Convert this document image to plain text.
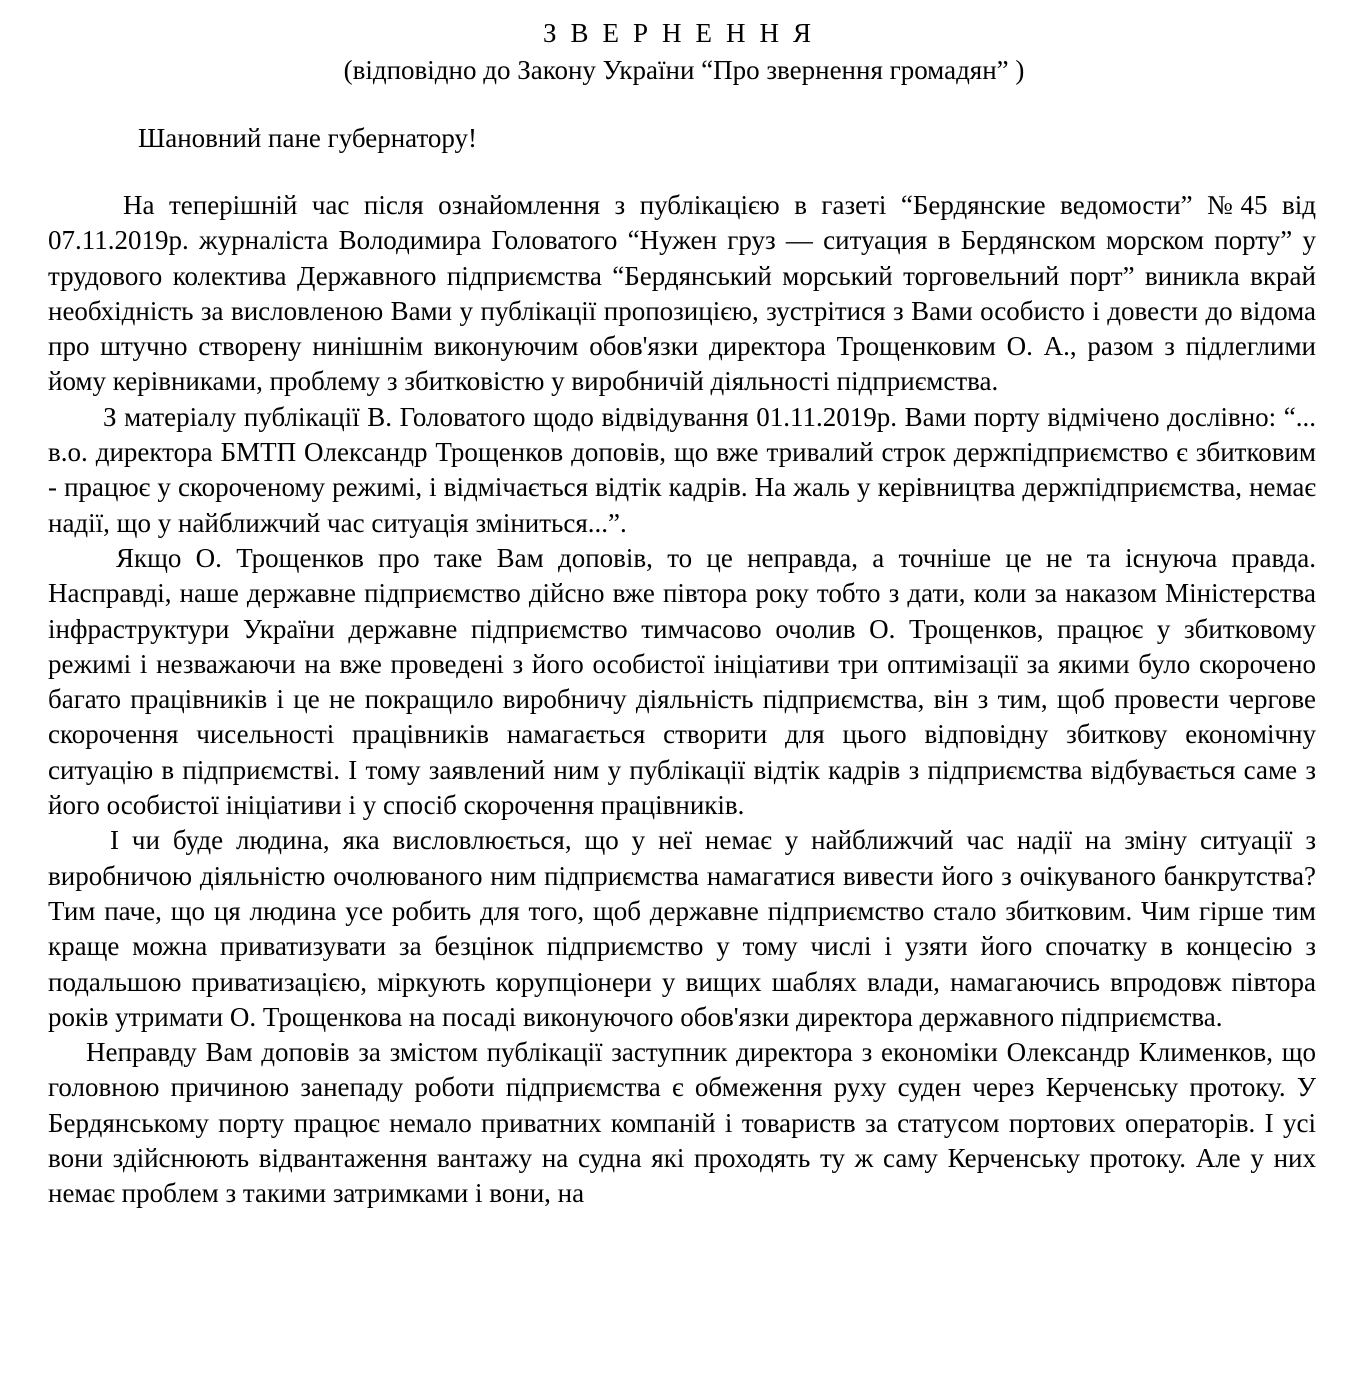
ЗВЕРНЕННЯ
(відповідно до Закону України “Про звернення громадян” )

Шановний пане губернатору!

На теперішній час після ознайомлення з публікацією в газеті “Бердянские ведомости” №45 від 07.11.2019р. журналіста Володимира Головатого “Нужен груз — ситуация в Бердянском морском порту” у трудового колектива Державного підприємства “Бердянський морський торговельний порт” виникла вкрай необхідність за висловленою Вами у публікації пропозицією, зустрітися з Вами особисто і довести до відома про штучно створену нинішнім виконуючим обов'язки директора Трощенковим О. А., разом з підлеглими йому керівниками, проблему з збитковістю у виробничій діяльності підприємства.

З матеріалу публікації В. Головатого щодо відвідування 01.11.2019р. Вами порту відмічено дослівно: “... в.о. директора БМТП Олександр Трощенков доповів, що вже тривалий строк держпідприємство є збитковим - працює у скороченому режимі, і відмічається відтік кадрів. На жаль у керівництва держпідприємства, немає надії, що у найближчий час ситуація зміниться...”.

Якщо О. Трощенков про таке Вам доповів, то це неправда, а точніше це не та існуюча правда. Насправді, наше державне підприємство дійсно вже півтора року тобто з дати, коли за наказом Міністерства інфраструктури України державне підприємство тимчасово очолив О. Трощенков, працює у збитковому режимі і незважаючи на вже проведені з його особистої ініціативи три оптимізації за якими було скорочено багато працівників і це не покращило виробничу діяльність підприємства, він з тим, щоб провести чергове скорочення чисельності працівників намагається створити для цього відповідну збиткову економічну ситуацію в підприємстві. І тому заявлений ним у публікації відтік кадрів з підприємства відбувається саме з його особистої ініціативи і у спосіб скорочення працівників.

І чи буде людина, яка висловлюється, що у неї немає у найближчий час надії на зміну ситуації з виробничою діяльністю очолюваного ним підприємства намагатися вивести його з очікуваного банкрутства? Тим паче, що ця людина усе робить для того, щоб державне підприємство стало збитковим. Чим гірше тим краще можна приватизувати за безцінок підприємство у тому числі і узяти його спочатку в концесію з подальшою приватизацією, міркують корупціонери у вищих шаблях влади, намагаючись впродовж півтора років утримати О. Трощенкова на посаді виконуючого обов'язки директора державного підприємства.

Неправду Вам доповів за змістом публікації заступник директора з економіки Олександр Клименков, що головною причиною занепаду роботи підприємства є обмеження руху суден через Керченську протоку. У Бердянському порту працює немало приватних компаній і товариств за статусом портових операторів. І усі вони здійснюють відвантаження вантажу на судна які проходять ту ж саму Керченську протоку. Але у них немає проблем з такими затримками і вони, на
